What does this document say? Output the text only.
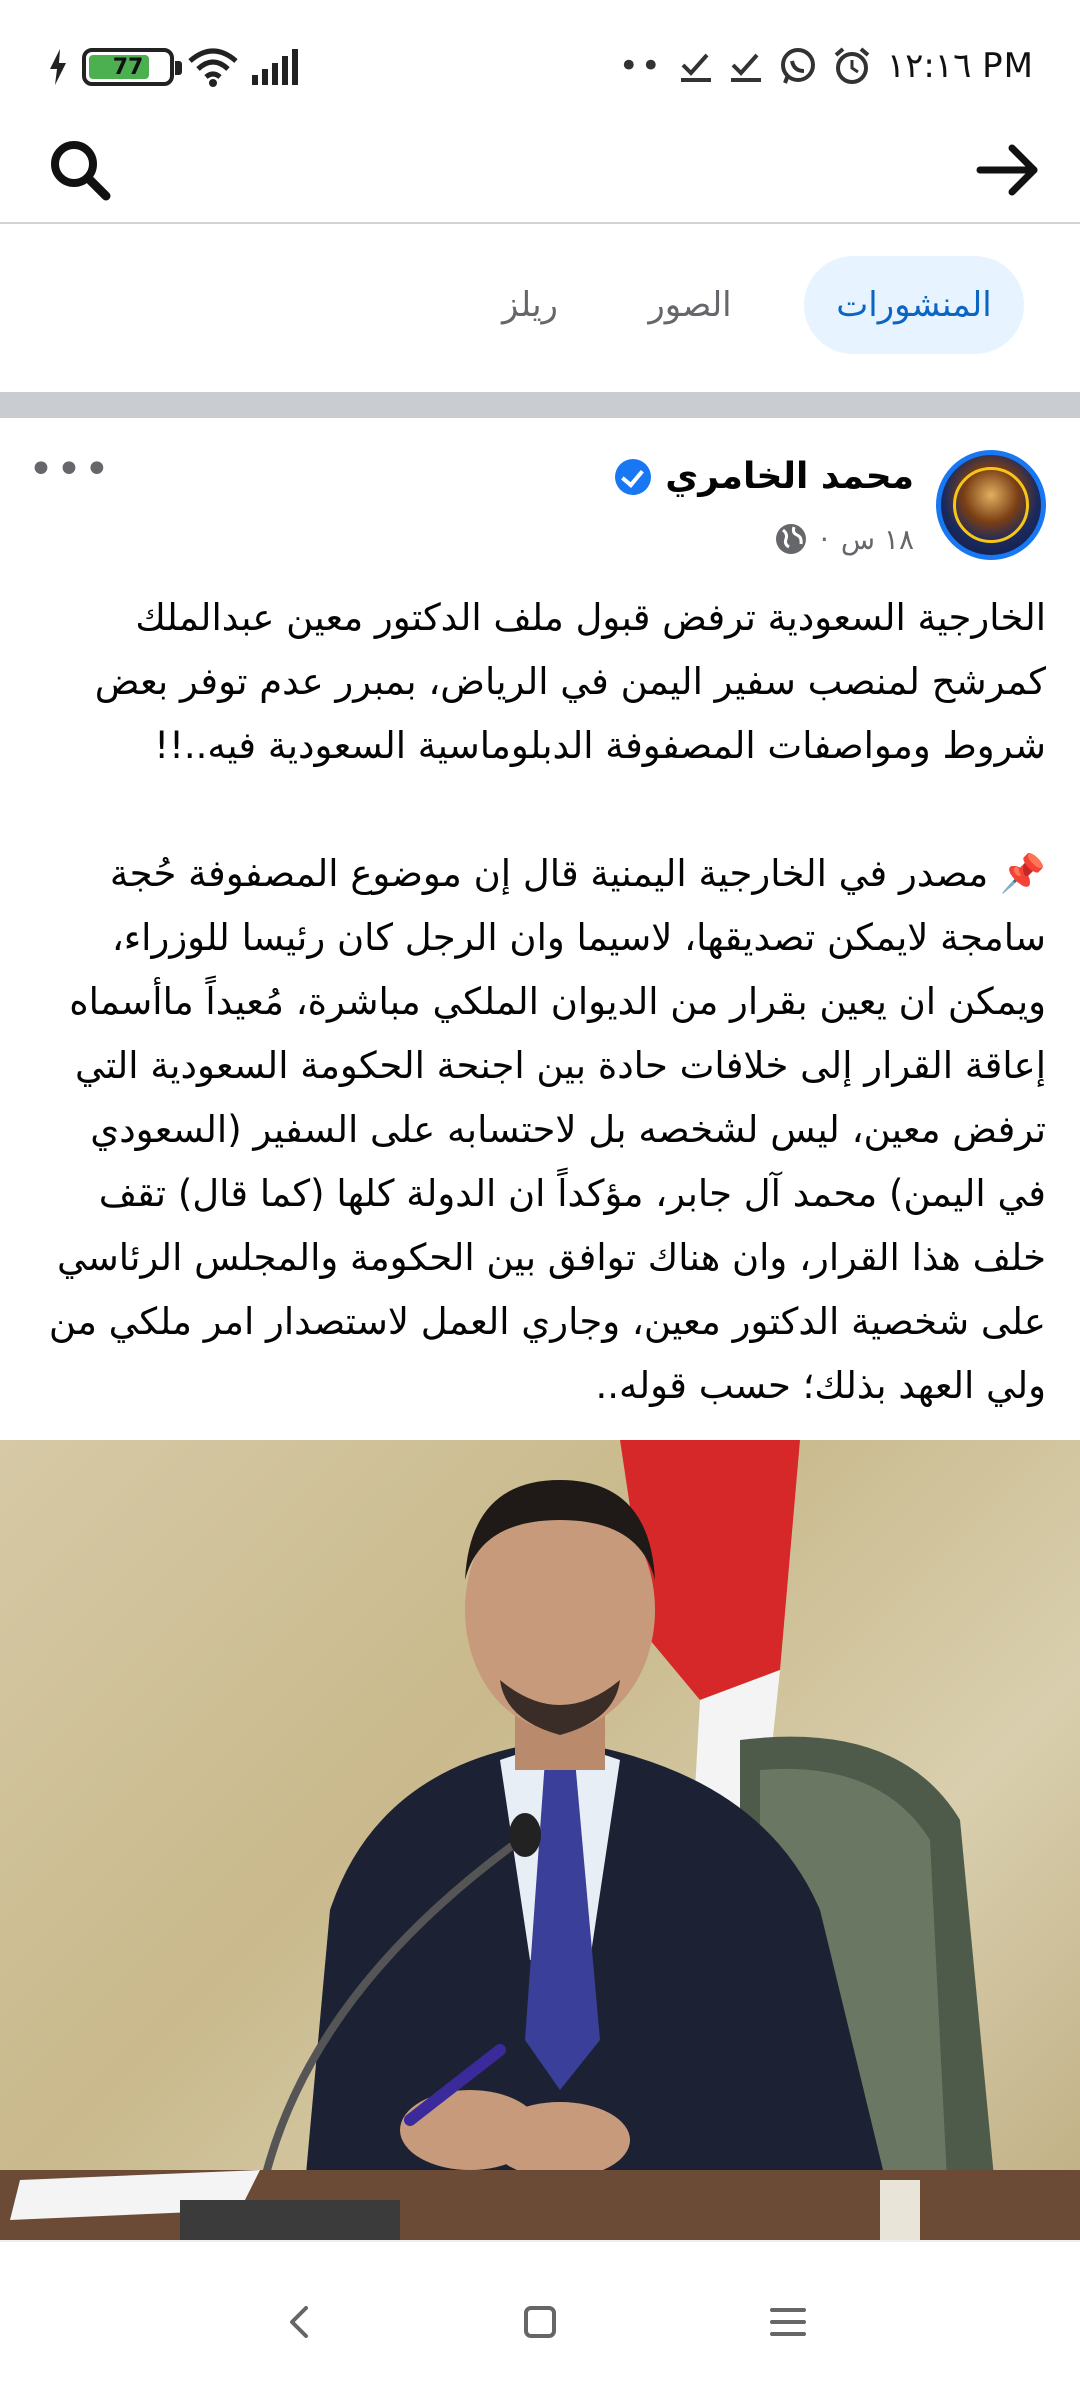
77	••	١٢:١٦ PM
المنشورات
الصور
ريلز
محمد الخامري
١٨ س
·
•••
الخارجية السعودية ترفض قبول ملف الدكتور معين عبدالملك كمرشح لمنصب سفير اليمن في الرياض، بمبرر عدم توفر بعض شروط ومواصفات المصفوفة الدبلوماسية السعودية فيه..!!

📌 مصدر في الخارجية اليمنية قال إن موضوع المصفوفة حُجة سامجة لايمكن تصديقها، لاسيما وان الرجل كان رئيسا للوزراء، ويمكن ان يعين بقرار من الديوان الملكي مباشرة، مُعيداً ماأسماه إعاقة القرار إلى خلافات حادة بين اجنحة الحكومة السعودية التي ترفض معين، ليس لشخصه بل لاحتسابه على السفير (السعودي في اليمن) محمد آل جابر، مؤكداً ان الدولة كلها (كما قال) تقف خلف هذا القرار، وان هناك توافق بين الحكومة والمجلس الرئاسي على شخصية الدكتور معين، وجاري العمل لاستصدار امر ملكي من ولي العهد بذلك؛ حسب قوله..
